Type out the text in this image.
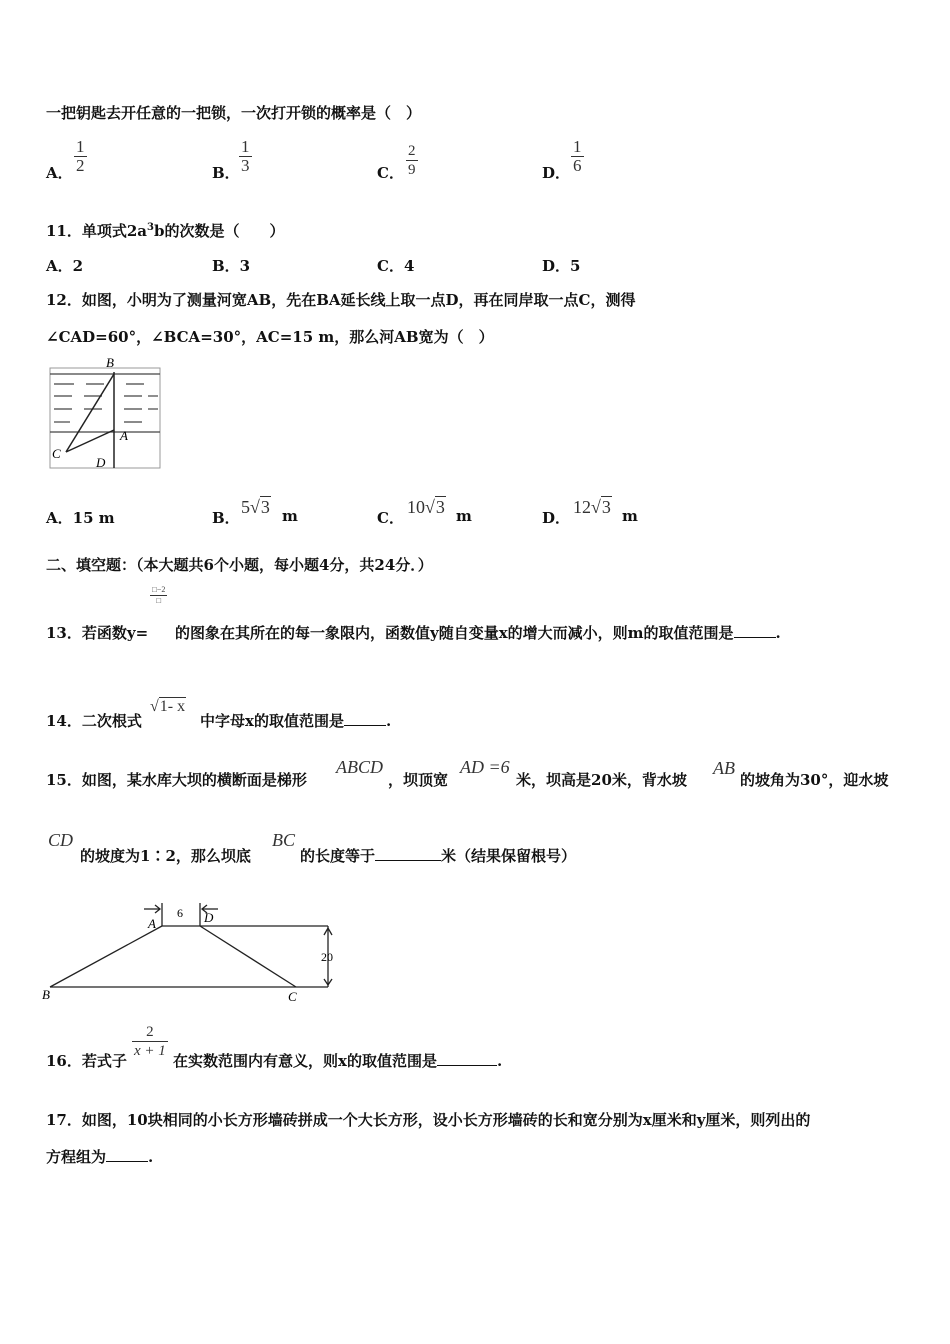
一把钥匙去开任意的一把锁，一次打开锁的概率是（　）
A．
1
2	B．
1
3	C．
2
9	D．
1
6
11．单项式$2a^3b$的次数是（　　）
A．2	B．3	C．4	D．5
12．如图，小明为了测量河宽AB，先在BA延长线上取一点D，再在同岸取一点C，测得
∠CAD=60°，∠BCA=30°，AC=15 m，那么河AB宽为（　）
B
A
C
D
A．15 m	B．
5√3 m	C．
10√3 m	D．
12√3 m
二、填空题：（本大题共6个小题，每小题4分，共24分．）
□−2
□
13．若函数y= 的图象在其所在的每一象限内，函数值y随自变量x的增大而减小，则m的取值范围是	.
14．二次根式
√1- x
中字母x的取值范围是	.
15．如图，某水库大坝的横断面是梯形
ABCD
，坝顶宽
AD =6
米，坝高是20米，背水坡
AB
的坡角为30°，迎水坡
CD
的坡度为1∶2，那么坝底
BC
的长度等于	米（结果保留根号）
A	D
6
B	C
20
16．若式子
2
x + 1
在实数范围内有意义，则x的取值范围是	.
17．如图，10块相同的小长方形墙砖拼成一个大长方形，设小长方形墙砖的长和宽分别为x厘米和y厘米，则列出的
方程组为	.
